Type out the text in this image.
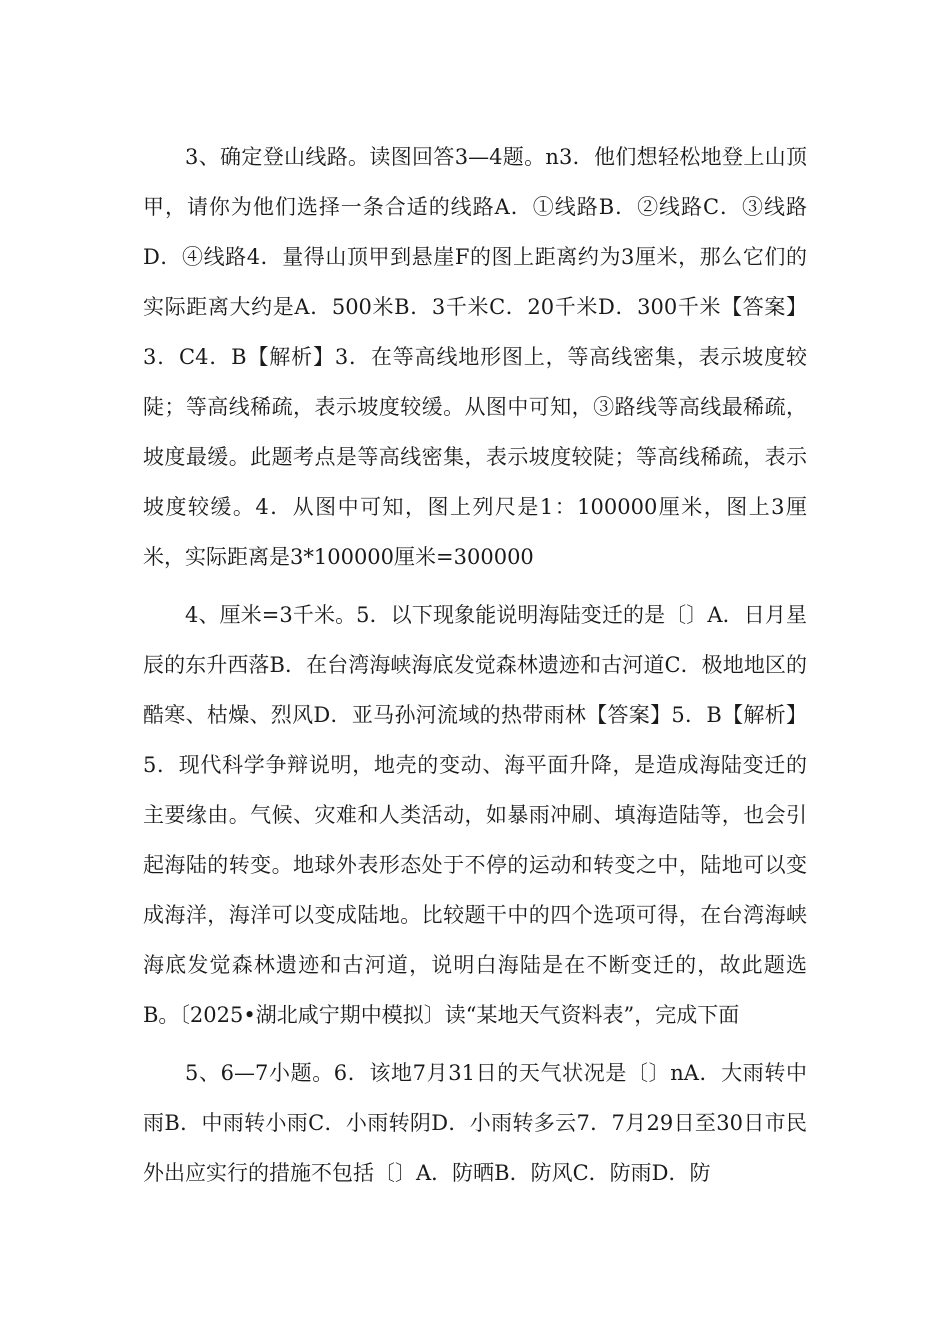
3、确定登山线路。读图回答3—4题。n3．他们想轻松地登上山顶甲，请你为他们选择一条合适的线路A．①线路B．②线路C．③线路D．④线路4．量得山顶甲到悬崖F的图上距离约为3厘米，那么它们的实际距离大约是A．500米B．3千米C．20千米D．300千米【答案】3．C4．B【解析】3．在等高线地形图上，等高线密集，表示坡度较陡；等高线稀疏，表示坡度较缓。从图中可知，③路线等高线最稀疏，坡度最缓。此题考点是等高线密集，表示坡度较陡；等高线稀疏，表示坡度较缓。4．从图中可知，图上列尺是1：100000厘米，图上3厘米，实际距离是3*100000厘米=300000

4、厘米=3千米。5．以下现象能说明海陆变迁的是〔〕A．日月星辰的东升西落B．在台湾海峡海底发觉森林遗迹和古河道C．极地地区的酷寒、枯燥、烈风D．亚马孙河流域的热带雨林【答案】5．B【解析】5．现代科学争辩说明，地壳的变动、海平面升降，是造成海陆变迁的主要缘由。气候、灾难和人类活动，如暴雨冲刷、填海造陆等，也会引起海陆的转变。地球外表形态处于不停的运动和转变之中，陆地可以变成海洋，海洋可以变成陆地。比较题干中的四个选项可得，在台湾海峡海底发觉森林遗迹和古河道，说明白海陆是在不断变迁的，故此题选B。〔2025•湖北咸宁期中模拟〕读“某地天气资料表”，完成下面

5、6—7小题。6．该地7月31日的天气状况是〔〕nA．大雨转中雨B．中雨转小雨C．小雨转阴D．小雨转多云7．7月29日至30日市民外出应实行的措施不包括〔〕A．防晒B．防风C．防雨D．防
